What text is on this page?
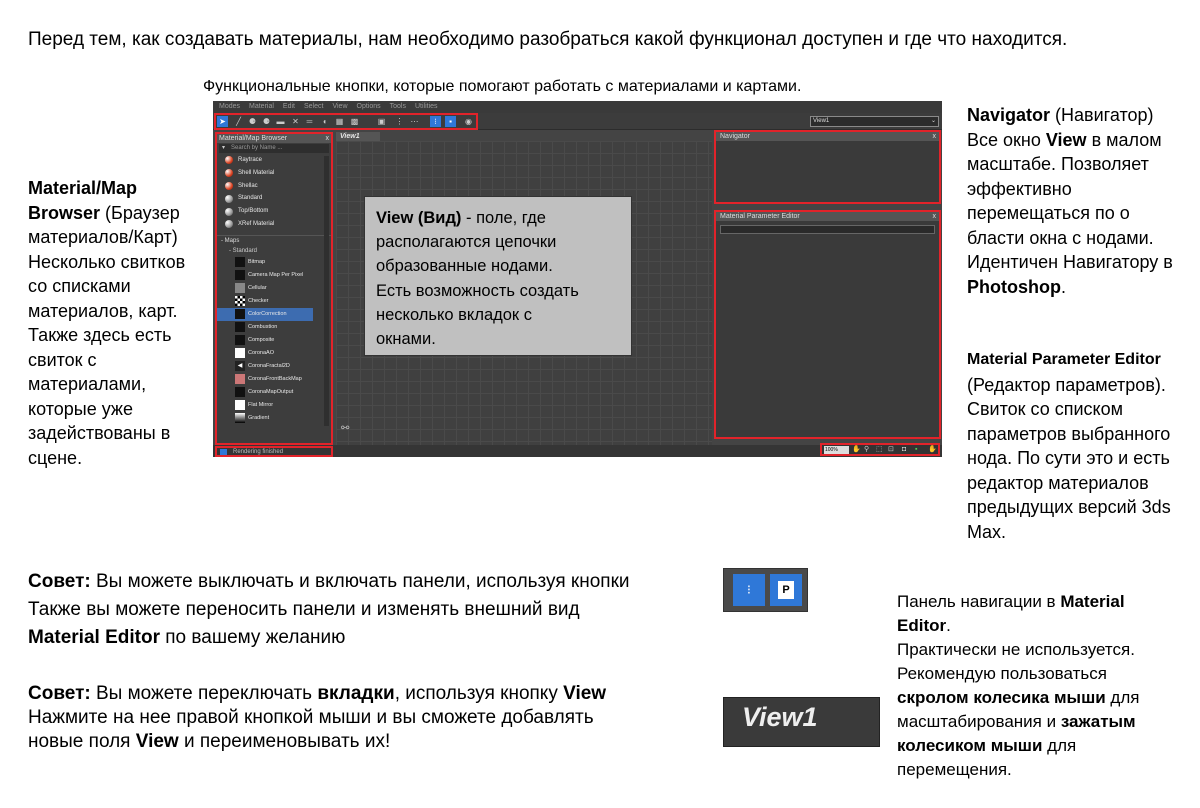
Перед тем, как создавать материалы, нам необходимо разобраться какой функционал доступен и где что находится.
Функциональные кнопки, которые помогают работать с материалами и картами.
Material/Map
Browser (Браузер
материалов/Карт)
Несколько свитков
со списками
материалов, карт.
Также здесь есть
свиток с
материалами,
которые уже
задействованы в
сцене.
Modes Material Edit Select View Options Tools Utilities
➤	╱	⚈ ⚈ ▬ ✕ ═	◖	▦ ▩ ▣ ⋮ ⋯	⁝	▪	◉	View1	⌄
Material/Map Browser	x
▾ Search by Name ...
Raytrace
Shell Material
Shellac
Standard
Top/Bottom
XRef Material
- Maps
- Standard
Bitmap
Camera Map Per Pixel
Cellular
Checker
ColorCorrection
Combustion
Composite
CoronaAO
◀	CoronaFractal2D
CoronaFrontBackMap
CoronaMapOutput
Flat Mirror
Gradient
View1
⚯
Navigator	x
Material Parameter Editor	x
Rendering finished	100%	✋ ⚲ ⬚ ⊡	◘	▪	✋
View (Вид) - поле, где
располагаются цепочки
образованные нодами.
Есть возможность создать
несколько вкладок с
окнами.
Navigator (Навигатор)
Все окно View в малом
масштабе. Позволяет
эффективно
перемещаться по о
бласти окна с нодами.
Идентичен Навигатору в
Photoshop.
Material Parameter Editor
(Редактор параметров).
Свиток со списком
параметров выбранного
нода. По сути это и есть
редактор материалов
предыдущих версий 3ds
Max.
Совет: Вы можете выключать и включать панели, используя кнопки
Также вы можете переносить панели и изменять внешний вид
Material Editor по вашему желанию
Совет: Вы можете переключать вкладки, используя кнопку View
Нажмите на нее правой кнопкой мыши и вы сможете добавлять
новые поля View и переименовывать их!
⁝	P
View1
Панель навигации в Material
Editor.
Практически не используется.
Рекомендую пользоваться
скролом колесика мыши для
масштабирования и зажатым
колесиком мыши для
перемещения.
